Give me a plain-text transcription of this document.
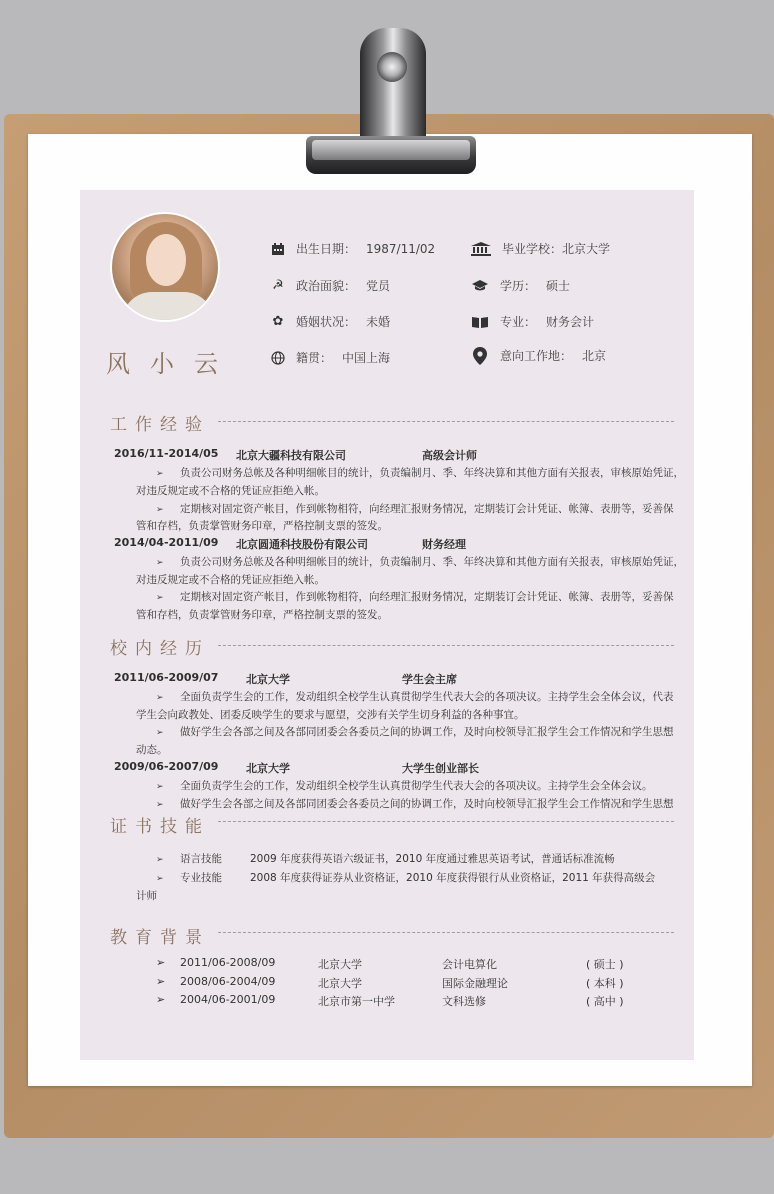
风小云
出生日期： 1987/11/02
☭ 政治面貌： 党员
✿ 婚姻状况： 未婚
籍贯： 中国上海
毕业学校： 北京大学
学历： 硕士
专业： 财务会计
意向工作地： 北京
工作经验
2016/11-2014/05 北京大疆科技有限公司	高级会计师
➢ 负责公司财务总帐及各种明细帐目的统计，负责编制月、季、年终决算和其他方面有关报表，审核原始凭证，
对违反规定或不合格的凭证应拒绝入帐。
➢ 定期核对固定资产帐目，作到帐物相符，向经理汇报财务情况，定期装订会计凭证、帐簿、表册等，妥善保
管和存档，负责掌管财务印章，严格控制支票的签发。
2014/04-2011/09 北京圆通科技股份有限公司	财务经理
➢ 负责公司财务总帐及各种明细帐目的统计，负责编制月、季、年终决算和其他方面有关报表，审核原始凭证，
对违反规定或不合格的凭证应拒绝入帐。
➢ 定期核对固定资产帐目，作到帐物相符，向经理汇报财务情况，定期装订会计凭证、帐簿、表册等，妥善保
管和存档，负责掌管财务印章，严格控制支票的签发。
校内经历
2011/06-2009/07	北京大学	学生会主席
➢ 全面负责学生会的工作，发动组织全校学生认真贯彻学生代表大会的各项决议。主持学生会全体会议，代表
学生会向政教处、团委反映学生的要求与愿望，交涉有关学生切身利益的各种事宜。
➢ 做好学生会各部之间及各部同团委会各委员之间的协调工作，及时向校领导汇报学生会工作情况和学生思想
动态。
2009/06-2007/09	北京大学	大学生创业部长
➢ 全面负责学生会的工作，发动组织全校学生认真贯彻学生代表大会的各项决议。主持学生会全体会议。
➢ 做好学生会各部之间及各部同团委会各委员之间的协调工作，及时向校领导汇报学生会工作情况和学生思想
证书技能
➢ 语言技能	2009 年度获得英语六级证书，2010 年度通过雅思英语考试，普通话标准流畅
➢ 专业技能	2008 年度获得证券从业资格证，2010 年度获得银行从业资格证，2011 年获得高级会
计师
教育背景
➢ 2011/06-2008/09	北京大学	会计电算化	( 硕士 )
➢ 2008/06-2004/09	北京大学	国际金融理论	( 本科 )
➢ 2004/06-2001/09	北京市第一中学	文科选修	( 高中 )
